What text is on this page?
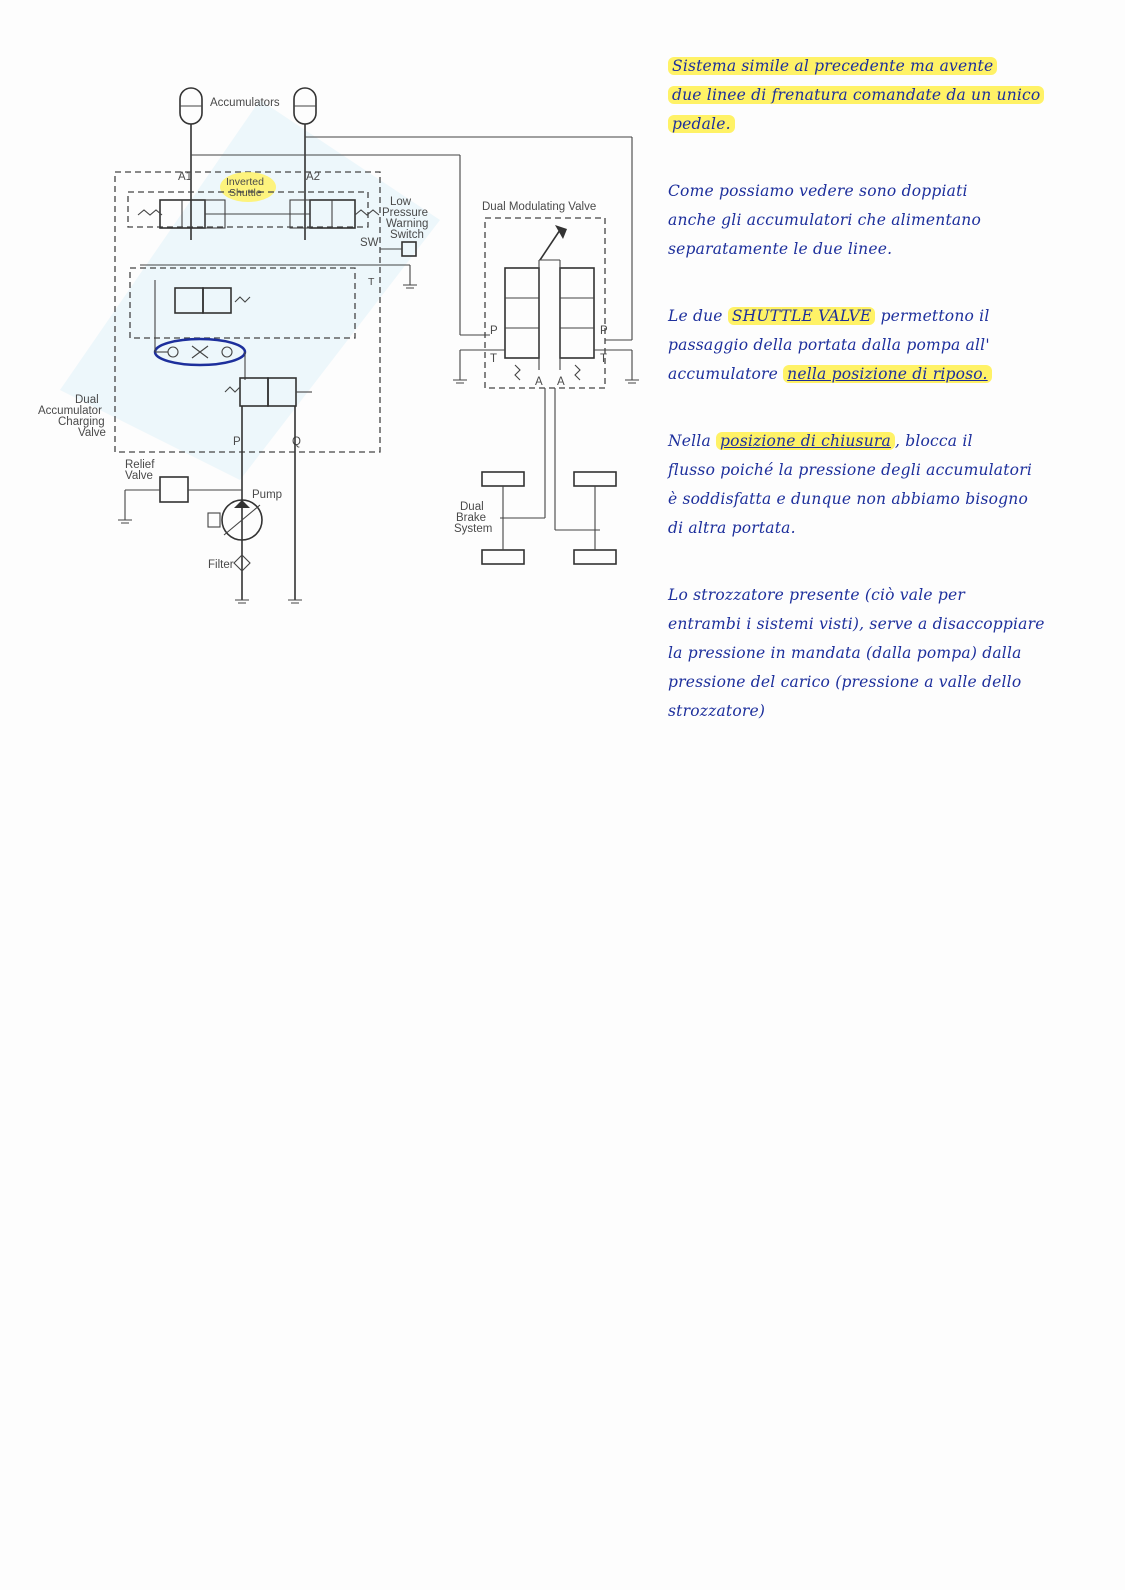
Accumulators
A1	A2
Inverted
Shuttle
Low
Pressure
Warning
Switch
SW
T
Dual
Accumulator
Charging
Valve
P	Q
Relief
Valve
Pump
Filter
Dual Modulating Valve
P	P
T	T
A A
Dual
Brake
System
Sistema simile al precedente ma avente
due linee di frenatura comandate da un unico
pedale.
Come possiamo vedere sono doppiati
anche gli accumulatori che alimentano
separatamente le due linee.
Le due SHUTTLE VALVE permettono il
passaggio della portata dalla pompa all'
accumulatore nella posizione di riposo.
Nella posizione di chiusura , blocca il
flusso poiché la pressione degli accumulatori
è soddisfatta e dunque non abbiamo bisogno
di altra portata.
Lo strozzatore presente (ciò vale per
entrambi i sistemi visti), serve a disaccoppiare
la pressione in mandata (dalla pompa) dalla
pressione del carico (pressione a valle dello
strozzatore)
